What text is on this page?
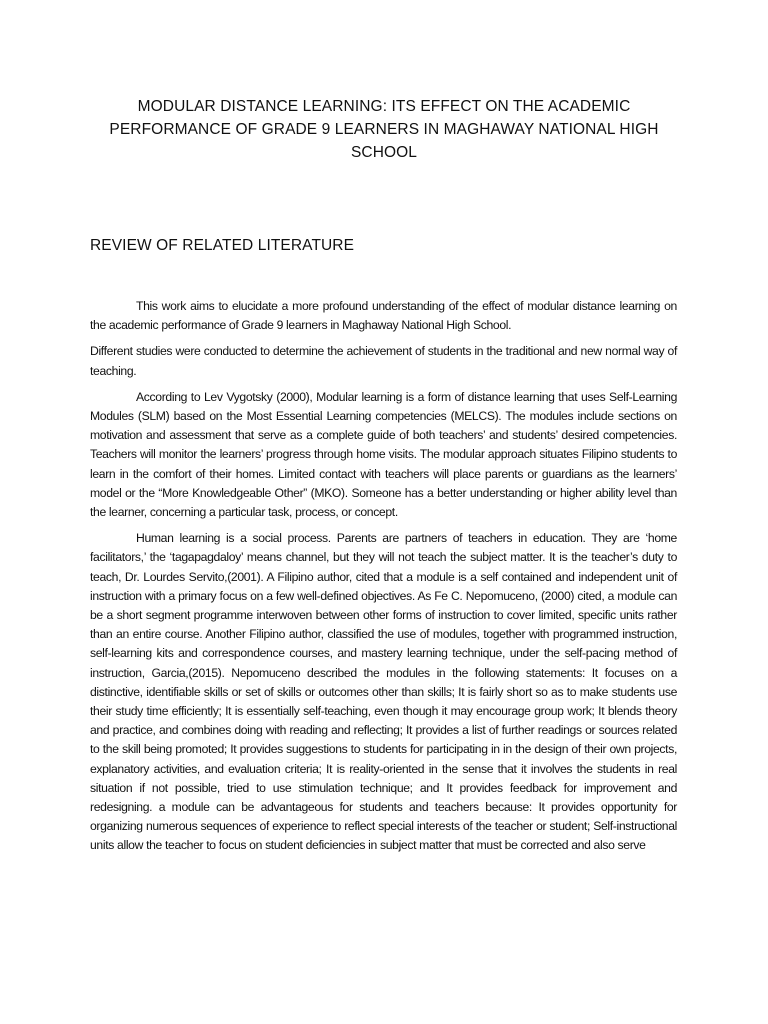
MODULAR DISTANCE LEARNING: ITS EFFECT ON THE ACADEMIC PERFORMANCE OF GRADE 9 LEARNERS IN MAGHAWAY NATIONAL HIGH SCHOOL
REVIEW OF RELATED LITERATURE

This work aims to elucidate a more profound understanding of the effect of modular distance learning on the academic performance of Grade 9 learners in Maghaway National High School.

Different studies were conducted to determine the achievement of students in the traditional and new normal way of teaching.

According to Lev Vygotsky (2000), Modular learning is a form of distance learning that uses Self-Learning Modules (SLM) based on the Most Essential Learning competencies (MELCS). The modules include sections on motivation and assessment that serve as a complete guide of both teachers’ and students’ desired competencies. Teachers will monitor the learners’ progress through home visits. The modular approach situates Filipino students to learn in the comfort of their homes. Limited contact with teachers will place parents or guardians as the learners’ model or the “More Knowledgeable Other” (MKO). Someone has a better understanding or higher ability level than the learner, concerning a particular task, process, or concept.

Human learning is a social process. Parents are partners of teachers in education. They are ‘home facilitators,’ the ‘tagapagdaloy’ means channel, but they will not teach the subject matter. It is the teacher’s duty to teach, Dr. Lourdes Servito,(2001). A Filipino author, cited that a module is a self contained and independent unit of instruction with a primary focus on a few well-defined objectives. As Fe C. Nepomuceno, (2000) cited, a module can be a short segment programme interwoven between other forms of instruction to cover limited, specific units rather than an entire course. Another Filipino author, classified the use of modules, together with programmed instruction, self-learning kits and correspondence courses, and mastery learning technique, under the self-pacing method of instruction, Garcia,(2015). Nepomuceno described the modules in the following statements: It focuses on a distinctive, identifiable skills or set of skills or outcomes other than skills; It is fairly short so as to make students use their study time efficiently; It is essentially self-teaching, even though it may encourage group work; It blends theory and practice, and combines doing with reading and reflecting; It provides a list of further readings or sources related to the skill being promoted; It provides suggestions to students for participating in in the design of their own projects, explanatory activities, and evaluation criteria; It is reality-oriented in the sense that it involves the students in real situation if not possible, tried to use stimulation technique; and It provides feedback for improvement and redesigning. a module can be advantageous for students and teachers because: It provides opportunity for organizing numerous sequences of experience to reflect special interests of the teacher or student; Self-instructional units allow the teacher to focus on student deficiencies in subject matter that must be corrected and also serve
